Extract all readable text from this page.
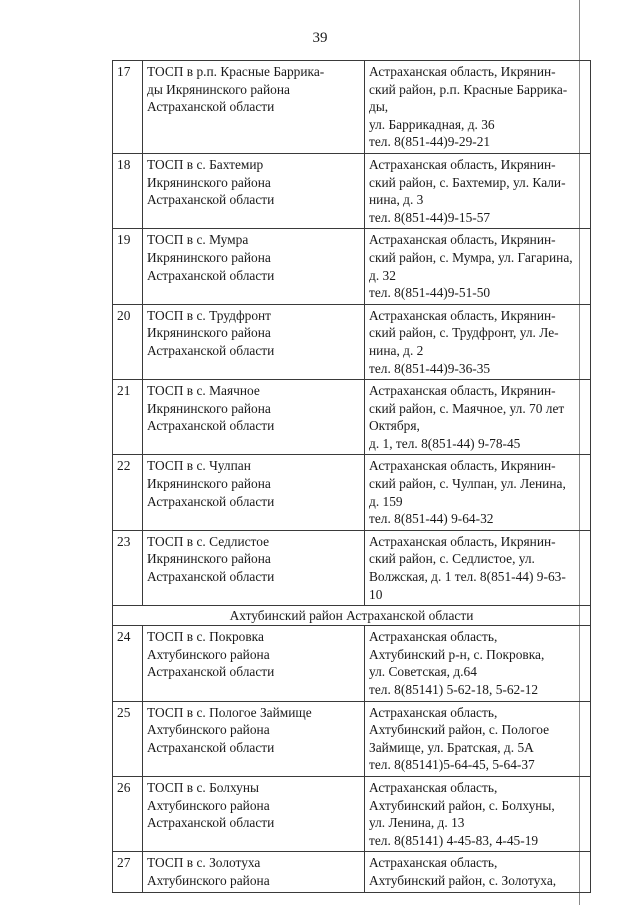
39
17	ТОСП в р.п. Красные Баррика-
ды Икрянинского района
Астраханской области	Астраханская область, Икрянин-
ский район, р.п. Красные Баррика-
ды,
ул. Баррикадная, д. 36
тел. 8(851-44)9-29-21

18	ТОСП в с. Бахтемир
Икрянинского района
Астраханской области	Астраханская область, Икрянин-
ский район, с. Бахтемир, ул. Кали-
нина, д. 3
тел. 8(851-44)9-15-57

19	ТОСП в с. Мумра
Икрянинского района
Астраханской области	Астраханская область, Икрянин-
ский район, с. Мумра, ул. Гагарина,
д. 32
тел. 8(851-44)9-51-50

20	ТОСП в с. Трудфронт
Икрянинского района
Астраханской области	Астраханская область, Икрянин-
ский район, с. Трудфронт, ул. Ле-
нина, д. 2
тел. 8(851-44)9-36-35

21	ТОСП в с. Маячное
Икрянинского района
Астраханской области	Астраханская область, Икрянин-
ский район, с. Маячное, ул. 70 лет
Октября,
д. 1, тел. 8(851-44) 9-78-45

22	ТОСП в с. Чулпан
Икрянинского района
Астраханской области	Астраханская область, Икрянин-
ский район, с. Чулпан, ул. Ленина,
д. 159
тел. 8(851-44) 9-64-32

23	ТОСП в с. Седлистое
Икрянинского района
Астраханской области	Астраханская область, Икрянин-
ский район, с. Седлистое, ул.
Волжская, д. 1 тел. 8(851-44) 9-63-
10

Ахтубинский район Астраханской области		
24	ТОСП в с. Покровка
Ахтубинского района
Астраханской области	Астраханская область,
Ахтубинский р-н, с. Покровка,
ул. Советская, д.64
тел. 8(85141) 5-62-18, 5-62-12

25	ТОСП в с. Пологое Займище
Ахтубинского района
Астраханской области	Астраханская область,
Ахтубинский район, с. Пологое
Займище, ул. Братская, д. 5А
тел. 8(85141)5-64-45, 5-64-37

26	ТОСП в с. Болхуны
Ахтубинского района
Астраханской области	Астраханская область,
Ахтубинский район, с. Болхуны,
ул. Ленина, д. 13
тел. 8(85141) 4-45-83, 4-45-19

27	ТОСП в с. Золотуха
Ахтубинского района	Астраханская область,
Ахтубинский район, с. Золотуха,
